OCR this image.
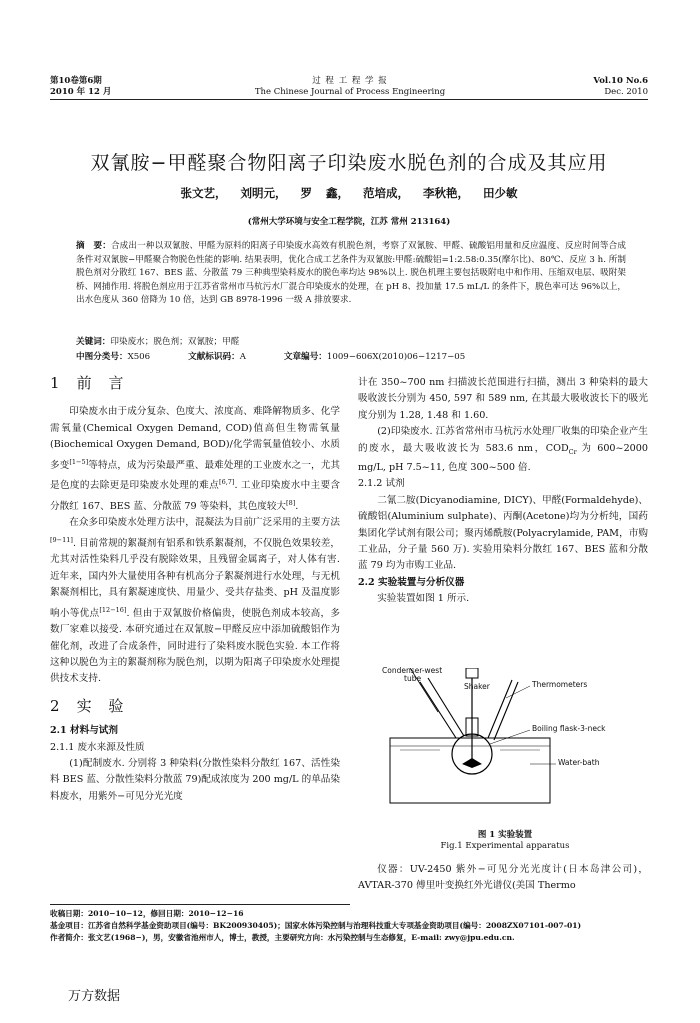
第10卷第6期
2010 年 12 月
过 程 工 程 学 报
The Chinese Journal of Process Engineering
Vol.10 No.6
Dec. 2010
双氰胺−甲醛聚合物阳离子印染废水脱色剂的合成及其应用
张文艺， 刘明元， 罗 鑫， 范培成， 李秋艳， 田少敏
(常州大学环境与安全工程学院，江苏 常州 213164)
摘　要：合成出一种以双氰胺、甲醛为原料的阳离子印染废水高效有机脱色剂，考察了双氰胺、甲醛、硫酸铝用量和反应温度、反应时间等合成条件对双氰胺−甲醛聚合物脱色性能的影响. 结果表明，优化合成工艺条件为双氰胺:甲醛:硫酸铝=1:2.58:0.35(摩尔比)、80℃、反应 3 h. 所制脱色剂对分散红 167、BES 蓝、分散蓝 79 三种典型染料废水的脱色率均达 98%以上. 脱色机理主要包括吸附电中和作用、压缩双电层、吸附架桥、网捕作用. 将脱色剂应用于江苏省常州市马杭污水厂混合印染废水的处理，在 pH 8、投加量 17.5 mL/L 的条件下，脱色率可达 96%以上，出水色度从 360 倍降为 10 倍，达到 GB 8978-1996 一级 A 排放要求.
关键词：印染废水；脱色剂；双氰胺；甲醛
中图分类号：X506	文献标识码：A	文章编号：1009−606X(2010)06−1217−05
1 前 言

印染废水由于成分复杂、色度大、浓度高、难降解物质多、化学需氧量(Chemical Oxygen Demand, COD)值高但生物需氧量(Biochemical Oxygen Demand, BOD)/化学需氧量值较小、水质多变[1−5]等特点，成为污染最严重、最难处理的工业废水之一，尤其是色度的去除更是印染废水处理的难点[6,7]. 工业印染废水中主要含分散红 167、BES 蓝、分散蓝 79 等染料，其色度较大[8].

在众多印染废水处理方法中，混凝法为目前广泛采用的主要方法[9−11]. 目前常规的絮凝剂有铝系和铁系絮凝剂，不仅脱色效果较差，尤其对活性染料几乎没有脱除效果，且残留金属离子，对人体有害. 近年来，国内外大量使用各种有机高分子絮凝剂进行水处理，与无机絮凝剂相比，具有絮凝速度快、用量少、受共存盐类、pH 及温度影响小等优点[12−16]. 但由于双氰胺价格偏贵，使脱色剂成本较高，多数厂家难以接受. 本研究通过在双氰胺−甲醛反应中添加硫酸铝作为催化剂，改进了合成条件，同时进行了染料废水脱色实验. 本工作将这种以脱色为主的絮凝剂称为脱色剂，以期为阳离子印染废水处理提供技术支持.

2 实 验
2.1 材料与试剂
2.1.1 废水来源及性质

(1)配制废水. 分别将 3 种染料(分散性染料分散红 167、活性染料 BES 蓝、分散性染料分散蓝 79)配成浓度为 200 mg/L 的单品染料废水，用紫外−可见分光光度

计在 350~700 nm 扫描波长范围进行扫描，测出 3 种染料的最大吸收波长分别为 450, 597 和 589 nm, 在其最大吸收波长下的吸光度分别为 1.28, 1.48 和 1.60.

(2)印染废水. 江苏省常州市马杭污水处理厂收集的印染企业产生的废水，最大吸收波长为 583.6 nm，$COD_{Cr}$ 为 600~2000 mg/L, pH 7.5~11, 色度 300~500 倍.

2.1.2 试剂

二氰二胺(Dicyanodiamine, DICY)、甲醛(Formaldehyde)、硫酸铝(Aluminium sulphate)、丙酮(Acetone)均为分析纯，国药集团化学试剂有限公司；聚丙烯酰胺(Polyacrylamide, PAM，市购工业品，分子量 560 万). 实验用染料分散红 167、BES 蓝和分散蓝 79 均为市购工业品.

2.2 实验装置与分析仪器

实验装置如图 1 所示.

Condenser-west
tube
Shaker	Thermometers
Boiling flask-3-neck
Water-bath
图 1 实验装置
Fig.1 Experimental apparatus

仪器：UV-2450 紫外−可见分光光度计(日本岛津公司)，AVTAR-370 傅里叶变换红外光谱仪(美国 Thermo

收稿日期：2010−10−12，修回日期：2010−12−16
基金项目：江苏省自然科学基金资助项目(编号：BK200930405)；国家水体污染控制与治理科技重大专项基金资助项目(编号：2008ZX07101-007-01)
作者简介：张文艺(1968−)，男，安徽省池州市人，博士，教授，主要研究方向：水污染控制与生态修复，E-mail: zwy@jpu.edu.cn.
万方数据
